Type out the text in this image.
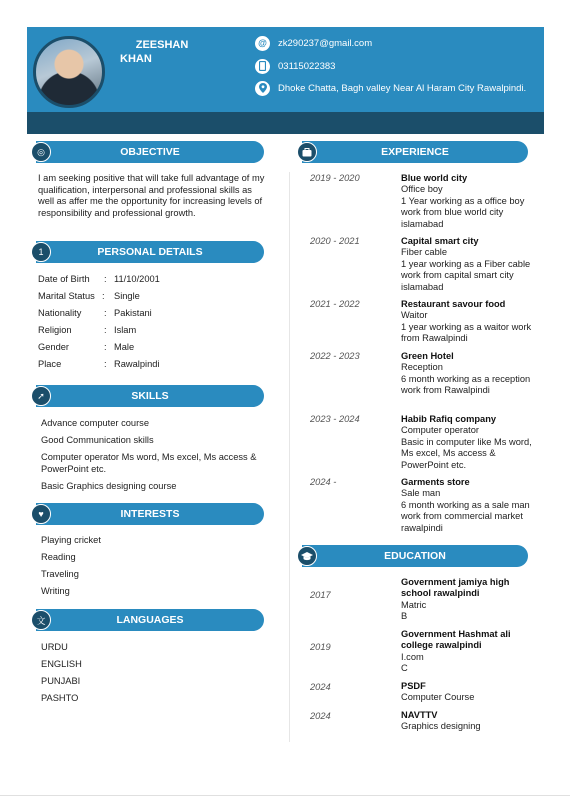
ZEESHAN
KHAN
@	zk290237@gmail.com
03115022383
Dhoke Chatta, Bagh valley Near Al Haram City Rawalpindi.
OBJECTIVE
◎
I am seeking positive that will take full advantage of my qualification, interpersonal and professional skills as well as affer me the opportunity for increasing levels of responsibility and professional growth.
PERSONAL DETAILS
1
Date of Birth : 11/10/2001
Marital Status : Single
Nationality : Pakistani
Religion	: Islam
Gender	: Male
Place	: Rawalpindi
SKILLS
➚
Advance computer course
Good Communication skills
Computer operator Ms word, Ms excel, Ms access & PowerPoint etc.
Basic Graphics designing course
INTERESTS
♥
Playing cricket
Reading
Traveling
Writing
LANGUAGES
文
URDU
ENGLISH
PUNJABI
PASHTO
EXPERIENCE
2019 - 2020	Blue world city
Office boy
1 Year working as a office boy work from blue world city islamabad
2020 - 2021	Capital smart city
Fiber cable
1 year working as a Fiber cable work from capital smart city islamabad
2021 - 2022	Restaurant savour food
Waitor
1 year working as a waitor work from Rawalpindi
2022 - 2023	Green Hotel
Reception
6 month working as a reception work from Rawalpindi
2023 - 2024	Habib Rafiq company
Computer operator
Basic in computer like Ms word, Ms excel, Ms access & PowerPoint etc.
2024 -	Garments store
Sale man
6 month working as a sale man work from commercial market rawalpindi
EDUCATION
2017
Government jamiya high school rawalpindi
Matric
B
2019
Government Hashmat ali college rawalpindi
I.com
C
2024	PSDF
Computer Course
2024	NAVTTV
Graphics designing
